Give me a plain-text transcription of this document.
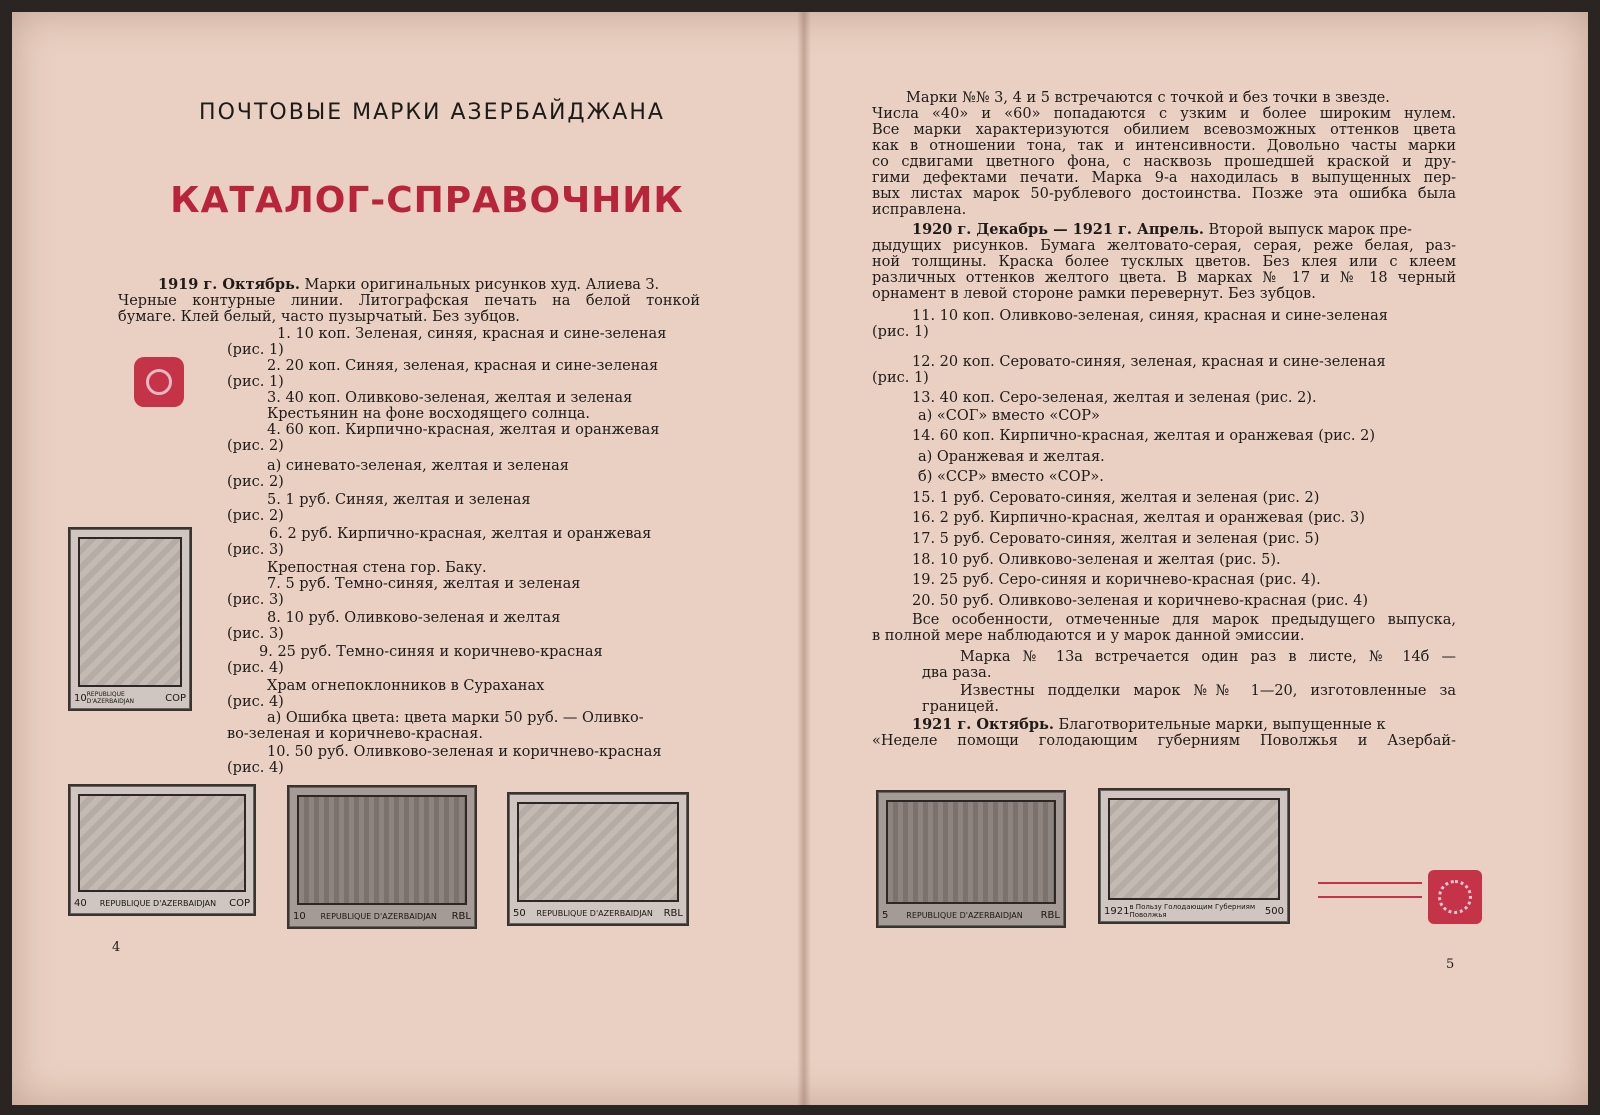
ПОЧТОВЫЕ МАРКИ АЗЕРБАЙДЖАНА
КАТАЛОГ-СПРАВОЧНИК
1919 г. Октябрь. Марки оригинальных рисунков худ. Алиева З.
Черные контурные линии. Литографская печать на белой тонкой
бумаге. Клей белый, часто пузырчатый. Без зубцов.
1. 10 коп. Зеленая, синяя, красная и сине-зеленая
(рис. 1)
2. 20 коп. Синяя, зеленая, красная и сине-зеленая
(рис. 1)
3. 40 коп. Оливково-зеленая, желтая и зеленая
Крестьянин на фоне восходящего солнца.
4. 60 коп. Кирпично-красная, желтая и оранжевая
(рис. 2)
а) синевато-зеленая, желтая и зеленая
(рис. 2)
5. 1 руб. Синяя, желтая и зеленая
(рис. 2)
6. 2 руб. Кирпично-красная, желтая и оранжевая
(рис. 3)
Крепостная стена гор. Баку.
7. 5 руб. Темно-синяя, желтая и зеленая
(рис. 3)
8. 10 руб. Оливково-зеленая и желтая
(рис. 3)
9. 25 руб. Темно-синяя и коричнево-красная
(рис. 4)
Храм огнепоклонников в Сураханах
(рис. 4)
а) Ошибка цвета: цвета марки 50 руб. — Оливко-
во-зеленая и коричнево-красная.
10. 50 руб. Оливково-зеленая и коричнево-красная
(рис. 4)
10 REPUBLIQUE D'AZERBAIDJAN	COP
40 REPUBLIQUE D'AZERBAIDJAN COP
10 REPUBLIQUE D'AZERBAIDJAN RBL	50 REPUBLIQUE D'AZERBAIDJAN RBL
4
Марки №№ 3, 4 и 5 встречаются с точкой и без точки в звезде.
Числа «40» и «60» попадаются с узким и более широким нулем.
Все марки характеризуются обилием всевозможных оттенков цвета
как в отношении тона, так и интенсивности. Довольно часты марки
со сдвигами цветного фона, с насквозь прошедшей краской и дру-
гими дефектами печати. Марка 9-а находилась в выпущенных пер-
вых листах марок 50-рублевого достоинства. Позже эта ошибка была
исправлена.
1920 г. Декабрь — 1921 г. Апрель. Второй выпуск марок пре-
дыдущих рисунков. Бумага желтовато-серая, серая, реже белая, раз-
ной толщины. Краска более тусклых цветов. Без клея или с клеем
различных оттенков желтого цвета. В марках № 17 и № 18 черный
орнамент в левой стороне рамки перевернут. Без зубцов.
11. 10 коп. Оливково-зеленая, синяя, красная и сине-зеленая
(рис. 1)
12. 20 коп. Серовато-синяя, зеленая, красная и сине-зеленая
(рис. 1)
13. 40 коп. Серо-зеленая, желтая и зеленая (рис. 2).
а) «СОГ» вместо «СОР»
14. 60 коп. Кирпично-красная, желтая и оранжевая (рис. 2)
а) Оранжевая и желтая.
б) «ССР» вместо «СОР».
15. 1 руб. Серовато-синяя, желтая и зеленая (рис. 2)
16. 2 руб. Кирпично-красная, желтая и оранжевая (рис. 3)
17. 5 руб. Серовато-синяя, желтая и зеленая (рис. 5)
18. 10 руб. Оливково-зеленая и желтая (рис. 5).
19. 25 руб. Серо-синяя и коричнево-красная (рис. 4).
20. 50 руб. Оливково-зеленая и коричнево-красная (рис. 4)
Все особенности, отмеченные для марок предыдущего выпуска,
в полной мере наблюдаются и у марок данной эмиссии.
Марка № 13а встречается один раз в листе, № 14б —
два раза.
Известны подделки марок №№ 1—20, изготовленные за
границей.
1921 г. Октябрь. Благотворительные марки, выпущенные к
«Неделе помощи голодающим губерниям Поволжья и Азербай-
5 REPUBLIQUE D'AZERBAIDJAN RBL	1921 в Пользу Голодающим Губерниям Поволжья	500
5
